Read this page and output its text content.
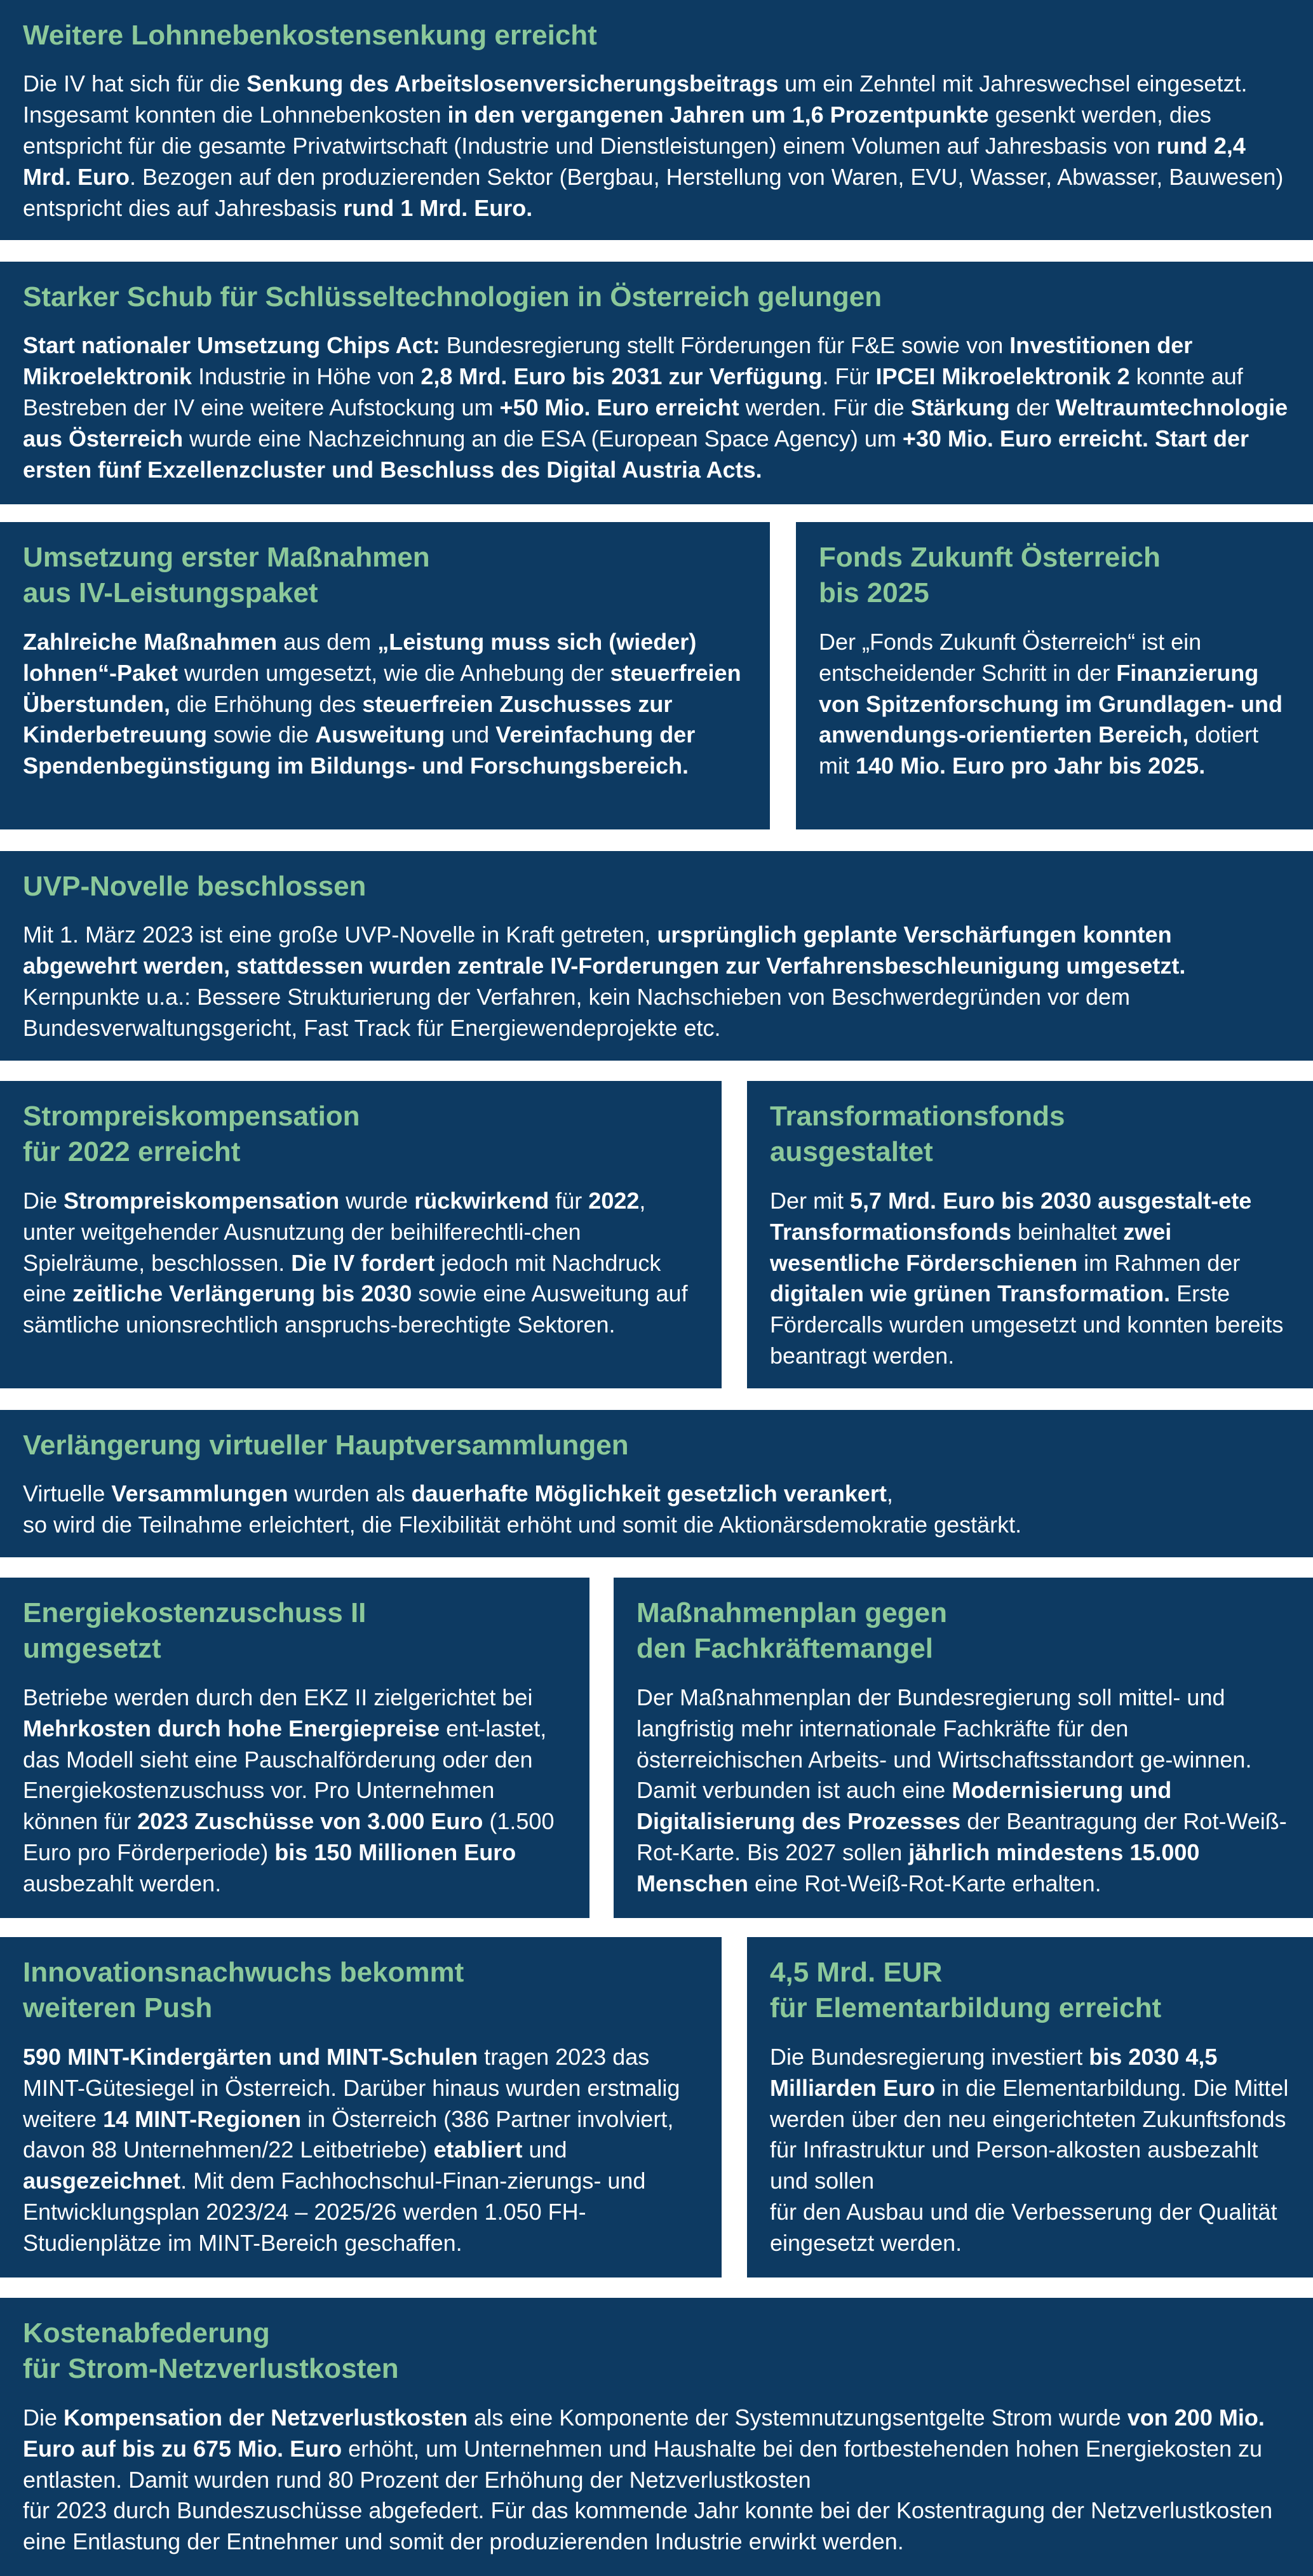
Weitere Lohnnebenkostensenkung erreicht

Die IV hat sich für die Senkung des Arbeitslosenversicherungsbeitrags um ein Zehntel mit Jahreswechsel eingesetzt. Insgesamt konnten die Lohnnebenkosten in den vergangenen Jahren um 1,6 Prozentpunkte gesenkt werden, dies entspricht für die gesamte Privatwirtschaft (Industrie und Dienstleistungen) einem Volumen auf Jahresbasis von rund 2,4 Mrd. Euro. Bezogen auf den produzierenden Sektor (Bergbau, Herstellung von Waren, EVU, Wasser, Abwasser, Bauwesen) entspricht dies auf Jahresbasis rund 1 Mrd. Euro.

Starker Schub für Schlüsseltechnologien in Österreich gelungen

Start nationaler Umsetzung Chips Act: Bundesregierung stellt Förderungen für F&E sowie von Investitionen der Mikroelektronik Industrie in Höhe von 2,8 Mrd. Euro bis 2031 zur Verfügung. Für IPCEI Mikroelektronik 2 konnte auf Bestreben der IV eine weitere Aufstockung um +50 Mio. Euro erreicht werden. Für die Stärkung der Weltraumtechnologie aus Österreich wurde eine Nachzeichnung an die ESA (European Space Agency) um +30 Mio. Euro erreicht. Start der ersten fünf Exzellenzcluster und Beschluss des Digital Austria Acts.

Umsetzung erster Maßnahmen
aus IV-Leistungspaket

Zahlreiche Maßnahmen aus dem „Leistung muss sich (wieder) lohnen“-Paket wurden umgesetzt, wie die Anhebung der steuerfreien Überstunden, die Erhöhung des steuerfreien Zuschusses zur Kinderbetreuung sowie die Ausweitung und Vereinfachung der Spendenbegünstigung im Bildungs- und Forschungsbereich.

Fonds Zukunft Österreich
bis 2025

Der „Fonds Zukunft Österreich“ ist ein entscheidender Schritt in der Finanzierung von Spitzenforschung im Grundlagen- und anwendungs-orientierten Bereich, dotiert mit 140 Mio. Euro pro Jahr bis 2025.

UVP-Novelle beschlossen

Mit 1. März 2023 ist eine große UVP-Novelle in Kraft getreten, ursprünglich geplante Verschärfungen konnten abgewehrt werden, stattdessen wurden zentrale IV-Forderungen zur Verfahrensbeschleunigung umgesetzt. Kernpunkte u.a.: Bessere Strukturierung der Verfahren, kein Nachschieben von Beschwerdegründen vor dem Bundesverwaltungsgericht, Fast Track für Energiewendeprojekte etc.

Strompreiskompensation
für 2022 erreicht

Die Strompreiskompensation wurde rückwirkend für 2022, unter weitgehender Ausnutzung der beihilferechtli-chen Spielräume, beschlossen. Die IV fordert jedoch mit Nachdruck eine zeitliche Verlängerung bis 2030 sowie eine Ausweitung auf sämtliche unionsrechtlich anspruchs-berechtigte Sektoren.

Transformationsfonds
ausgestaltet

Der mit 5,7 Mrd. Euro bis 2030 ausgestalt-ete Transformationsfonds beinhaltet zwei wesentliche Förderschienen im Rahmen der digitalen wie grünen Transformation. Erste Fördercalls wurden umgesetzt und konnten bereits beantragt werden.

Verlängerung virtueller Hauptversammlungen

Virtuelle Versammlungen wurden als dauerhafte Möglichkeit gesetzlich verankert,
so wird die Teilnahme erleichtert, die Flexibilität erhöht und somit die Aktionärsdemokratie gestärkt.

Energiekostenzuschuss II
umgesetzt

Betriebe werden durch den EKZ II zielgerichtet bei Mehrkosten durch hohe Energiepreise ent-lastet, das Modell sieht eine Pauschalförderung oder den Energiekostenzuschuss vor. Pro Unternehmen können für 2023 Zuschüsse von 3.000 Euro (1.500 Euro pro Förderperiode) bis 150 Millionen Euro ausbezahlt werden.

Maßnahmenplan gegen
den Fachkräftemangel

Der Maßnahmenplan der Bundesregierung soll mittel- und langfristig mehr internationale Fachkräfte für den österreichischen Arbeits- und Wirtschaftsstandort ge-winnen. Damit verbunden ist auch eine Modernisierung und Digitalisierung des Prozesses der Beantragung der Rot-Weiß-Rot-Karte. Bis 2027 sollen jährlich mindestens 15.000 Menschen eine Rot-Weiß-Rot-Karte erhalten.

Innovationsnachwuchs bekommt
weiteren Push

590 MINT-Kindergärten und MINT-Schulen tragen 2023 das MINT-Gütesiegel in Österreich. Darüber hinaus wurden erstmalig weitere 14 MINT-Regionen in Österreich (386 Partner involviert, davon 88 Unternehmen/22 Leitbetriebe) etabliert und ausgezeichnet. Mit dem Fachhochschul-Finan-zierungs- und Entwicklungsplan 2023/24 – 2025/26 werden 1.050 FH-Studienplätze im MINT-Bereich geschaffen.

4,5 Mrd. EUR
für Elementarbildung erreicht

Die Bundesregierung investiert bis 2030 4,5 Milliarden Euro in die Elementarbildung. Die Mittel werden über den neu eingerichteten Zukunftsfonds für Infrastruktur und Person-alkosten ausbezahlt und sollen
für den Ausbau und die Verbesserung der Qualität eingesetzt werden.

Kostenabfederung
für Strom-Netzverlustkosten

Die Kompensation der Netzverlustkosten als eine Komponente der Systemnutzungsentgelte Strom wurde von 200 Mio. Euro auf bis zu 675 Mio. Euro erhöht, um Unternehmen und Haushalte bei den fortbestehenden hohen Energiekosten zu entlasten. Damit wurden rund 80 Prozent der Erhöhung der Netzverlustkosten
für 2023 durch Bundeszuschüsse abgefedert. Für das kommende Jahr konnte bei der Kostentragung der Netzverlustkosten eine Entlastung der Entnehmer und somit der produzierenden Industrie erwirkt werden.
